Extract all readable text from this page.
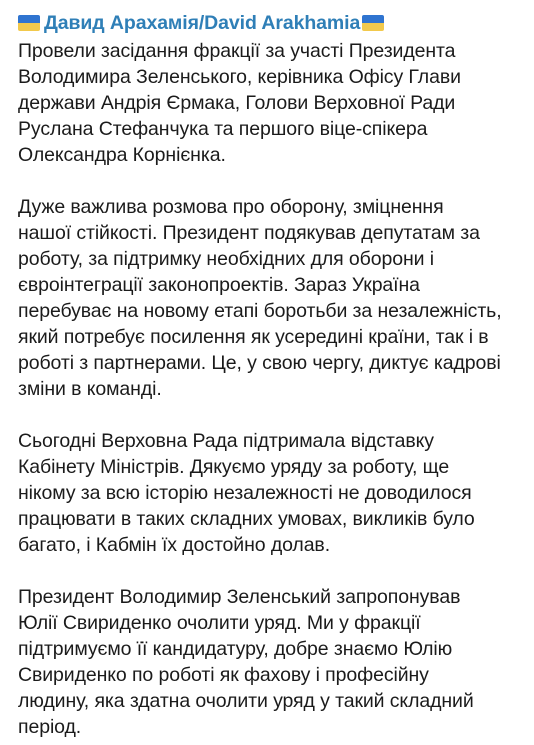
Давид Арахамія/David Arakhamia

Провели засідання фракції за участі Президента
Володимира Зеленського, керівника Офісу Глави
держави Андрія Єрмака, Голови Верховної Ради
Руслана Стефанчука та першого віце-спікера
Олександра Корнієнка.

Дуже важлива розмова про оборону, зміцнення
нашої стійкості. Президент подякував депутатам за
роботу, за підтримку необхідних для оборони і
євроінтеграції законопроектів. Зараз Україна
перебуває на новому етапі боротьби за незалежність,
який потребує посилення як усередині країни, так і в
роботі з партнерами. Це, у свою чергу, диктує кадрові
зміни в команді.

Сьогодні Верховна Рада підтримала відставку
Кабінету Міністрів. Дякуємо уряду за роботу, ще
нікому за всю історію незалежності не доводилося
працювати в таких складних умовах, викликів було
багато, і Кабмін їх достойно долав.

Президент Володимир Зеленський запропонував
Юлії Свириденко очолити уряд. Ми у фракції
підтримуємо її кандидатуру, добре знаємо Юлію
Свириденко по роботі як фахову і професійну
людину, яка здатна очолити уряд у такий складний
період.
